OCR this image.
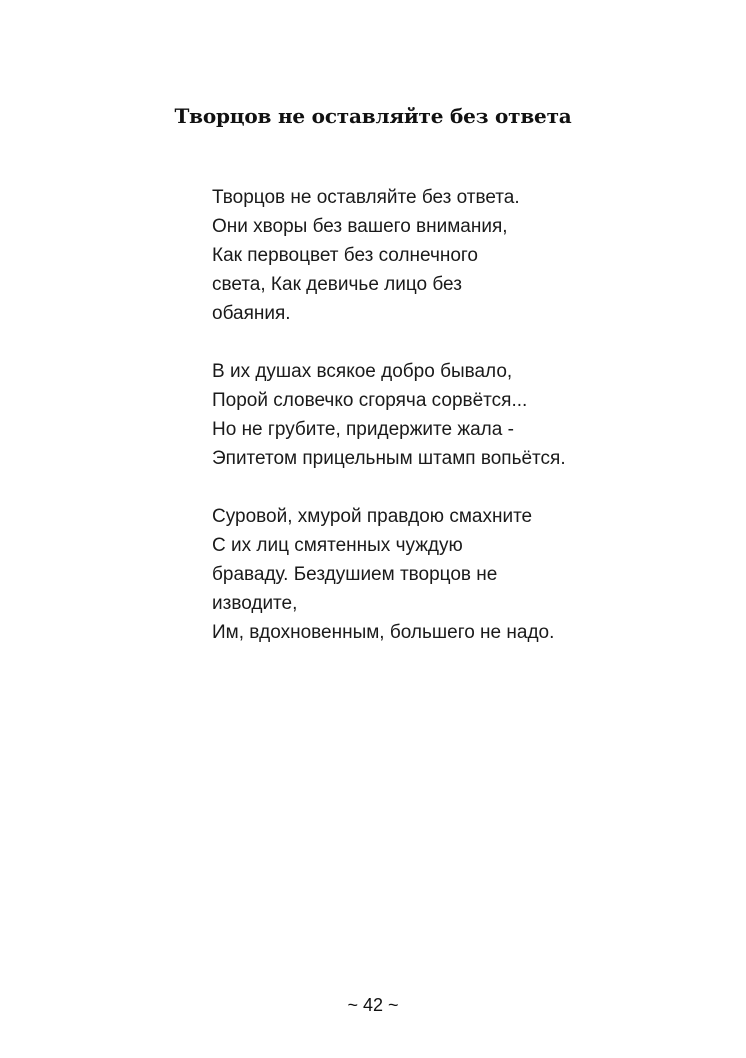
Творцов не оставляйте без ответа
Творцов не оставляйте без ответа.
Они хворы без вашего внимания,
Как первоцвет без солнечного
света, Как девичье лицо без
обаяния.
В их душах всякое добро бывало,
Порой словечко сгоряча сорвётся...
Но не грубите, придержите жала -
Эпитетом прицельным штамп вопьётся.
Суровой, хмурой правдою смахните
С их лиц смятенных чуждую
браваду. Бездушием творцов не
изводите,
Им, вдохновенным, большего не надо.
~ 42 ~
